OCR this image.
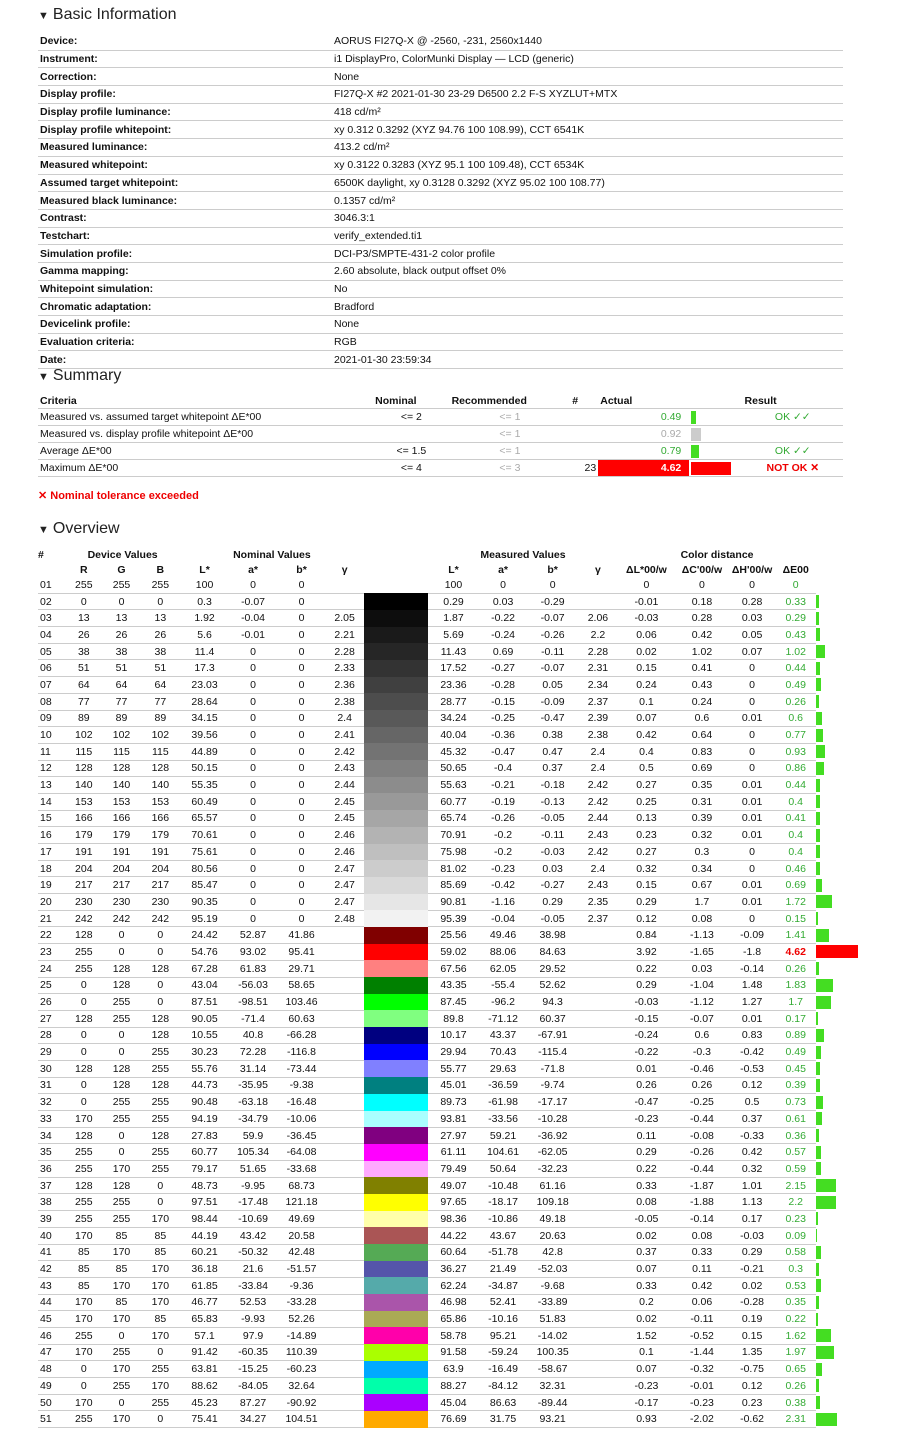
▼ Basic Information
Device:	AORUS FI27Q-X @ -2560, -231, 2560x1440
Instrument:	i1 DisplayPro, ColorMunki Display — LCD (generic)
Correction:	None
Display profile:	FI27Q-X #2 2021-01-30 23-29 D6500 2.2 F-S XYZLUT+MTX
Display profile luminance:	418 cd/m²
Display profile whitepoint:	xy 0.312 0.3292 (XYZ 94.76 100 108.99), CCT 6541K
Measured luminance:	413.2 cd/m²
Measured whitepoint:	xy 0.3122 0.3283 (XYZ 95.1 100 109.48), CCT 6534K
Assumed target whitepoint:	6500K daylight, xy 0.3128 0.3292 (XYZ 95.02 100 108.77)
Measured black luminance:	0.1357 cd/m²
Contrast:	3046.3:1
Testchart:	verify_extended.ti1
Simulation profile:	DCI-P3/SMPTE-431-2 color profile
Gamma mapping:	2.60 absolute, black output offset 0%
Whitepoint simulation:	No
Chromatic adaptation:	Bradford
Devicelink profile:	None
Evaluation criteria:	RGB
Date:	2021-01-30 23:59:34
▼ Summary
Criteria	Nominal	Recommended	#	Actual		Result
Measured vs. assumed target whitepoint ΔE*00	<= 2	<= 1		0.49		OK ✓✓
Measured vs. display profile whitepoint ΔE*00		<= 1		0.92		
Average ΔE*00	<= 1.5	<= 1		0.79		OK ✓✓
Maximum ΔE*00	<= 4	<= 3	23	4.62		NOT OK ✕
✕ Nominal tolerance exceeded
▼ Overview
#	Device Values			Nominal Values					Measured Values				Color distance				
	R	G	B	L*	a*	b*	γ		L*	a*	b*	γ	ΔL*00/w	ΔC'00/w	ΔH'00/w	ΔE00	
01	255	255	255	100	0	0			100	0	0		0	0	0	0	

02	0	0	0	0.3	-0.07	0			0.29	0.03	-0.29		-0.01	0.18	0.28	0.33	

03	13	13	13	1.92	-0.04	0	2.05		1.87	-0.22	-0.07	2.06	-0.03	0.28	0.03	0.29	

04	26	26	26	5.6	-0.01	0	2.21		5.69	-0.24	-0.26	2.2	0.06	0.42	0.05	0.43	

05	38	38	38	11.4	0	0	2.28		11.43	0.69	-0.11	2.28	0.02	1.02	0.07	1.02	

06	51	51	51	17.3	0	0	2.33		17.52	-0.27	-0.07	2.31	0.15	0.41	0	0.44	

07	64	64	64	23.03	0	0	2.36		23.36	-0.28	0.05	2.34	0.24	0.43	0	0.49	

08	77	77	77	28.64	0	0	2.38		28.77	-0.15	-0.09	2.37	0.1	0.24	0	0.26	

09	89	89	89	34.15	0	0	2.4		34.24	-0.25	-0.47	2.39	0.07	0.6	0.01	0.6	

10	102	102	102	39.56	0	0	2.41		40.04	-0.36	0.38	2.38	0.42	0.64	0	0.77	

11	115	115	115	44.89	0	0	2.42		45.32	-0.47	0.47	2.4	0.4	0.83	0	0.93	

12	128	128	128	50.15	0	0	2.43		50.65	-0.4	0.37	2.4	0.5	0.69	0	0.86	

13	140	140	140	55.35	0	0	2.44		55.63	-0.21	-0.18	2.42	0.27	0.35	0.01	0.44	

14	153	153	153	60.49	0	0	2.45		60.77	-0.19	-0.13	2.42	0.25	0.31	0.01	0.4	

15	166	166	166	65.57	0	0	2.45		65.74	-0.26	-0.05	2.44	0.13	0.39	0.01	0.41	

16	179	179	179	70.61	0	0	2.46		70.91	-0.2	-0.11	2.43	0.23	0.32	0.01	0.4	

17	191	191	191	75.61	0	0	2.46		75.98	-0.2	-0.03	2.42	0.27	0.3	0	0.4	

18	204	204	204	80.56	0	0	2.47		81.02	-0.23	0.03	2.4	0.32	0.34	0	0.46	

19	217	217	217	85.47	0	0	2.47		85.69	-0.42	-0.27	2.43	0.15	0.67	0.01	0.69	

20	230	230	230	90.35	0	0	2.47		90.81	-1.16	0.29	2.35	0.29	1.7	0.01	1.72	

21	242	242	242	95.19	0	0	2.48		95.39	-0.04	-0.05	2.37	0.12	0.08	0	0.15	

22	128	0	0	24.42	52.87	41.86			25.56	49.46	38.98		0.84	-1.13	-0.09	1.41	

23	255	0	0	54.76	93.02	95.41			59.02	88.06	84.63		3.92	-1.65	-1.8	4.62	

24	255	128	128	67.28	61.83	29.71			67.56	62.05	29.52		0.22	0.03	-0.14	0.26	

25	0	128	0	43.04	-56.03	58.65			43.35	-55.4	52.62		0.29	-1.04	1.48	1.83	

26	0	255	0	87.51	-98.51	103.46			87.45	-96.2	94.3		-0.03	-1.12	1.27	1.7	

27	128	255	128	90.05	-71.4	60.63			89.8	-71.12	60.37		-0.15	-0.07	0.01	0.17	

28	0	0	128	10.55	40.8	-66.28			10.17	43.37	-67.91		-0.24	0.6	0.83	0.89	

29	0	0	255	30.23	72.28	-116.8			29.94	70.43	-115.4		-0.22	-0.3	-0.42	0.49	

30	128	128	255	55.76	31.14	-73.44			55.77	29.63	-71.8		0.01	-0.46	-0.53	0.45	

31	0	128	128	44.73	-35.95	-9.38			45.01	-36.59	-9.74		0.26	0.26	0.12	0.39	

32	0	255	255	90.48	-63.18	-16.48			89.73	-61.98	-17.17		-0.47	-0.25	0.5	0.73	

33	170	255	255	94.19	-34.79	-10.06			93.81	-33.56	-10.28		-0.23	-0.44	0.37	0.61	

34	128	0	128	27.83	59.9	-36.45			27.97	59.21	-36.92		0.11	-0.08	-0.33	0.36	

35	255	0	255	60.77	105.34	-64.08			61.11	104.61	-62.05		0.29	-0.26	0.42	0.57	

36	255	170	255	79.17	51.65	-33.68			79.49	50.64	-32.23		0.22	-0.44	0.32	0.59	

37	128	128	0	48.73	-9.95	68.73			49.07	-10.48	61.16		0.33	-1.87	1.01	2.15	

38	255	255	0	97.51	-17.48	121.18			97.65	-18.17	109.18		0.08	-1.88	1.13	2.2	

39	255	255	170	98.44	-10.69	49.69			98.36	-10.86	49.18		-0.05	-0.14	0.17	0.23	

40	170	85	85	44.19	43.42	20.58			44.22	43.67	20.63		0.02	0.08	-0.03	0.09	

41	85	170	85	60.21	-50.32	42.48			60.64	-51.78	42.8		0.37	0.33	0.29	0.58	

42	85	85	170	36.18	21.6	-51.57			36.27	21.49	-52.03		0.07	0.11	-0.21	0.3	

43	85	170	170	61.85	-33.84	-9.36			62.24	-34.87	-9.68		0.33	0.42	0.02	0.53	

44	170	85	170	46.77	52.53	-33.28			46.98	52.41	-33.89		0.2	0.06	-0.28	0.35	

45	170	170	85	65.83	-9.93	52.26			65.86	-10.16	51.83		0.02	-0.11	0.19	0.22	

46	255	0	170	57.1	97.9	-14.89			58.78	95.21	-14.02		1.52	-0.52	0.15	1.62	

47	170	255	0	91.42	-60.35	110.39			91.58	-59.24	100.35		0.1	-1.44	1.35	1.97	

48	0	170	255	63.81	-15.25	-60.23			63.9	-16.49	-58.67		0.07	-0.32	-0.75	0.65	

49	0	255	170	88.62	-84.05	32.64			88.27	-84.12	32.31		-0.23	-0.01	0.12	0.26	

50	170	0	255	45.23	87.27	-90.92			45.04	86.63	-89.44		-0.17	-0.23	0.23	0.38	

51	255	170	0	75.41	34.27	104.51			76.69	31.75	93.21		0.93	-2.02	-0.62	2.31	
